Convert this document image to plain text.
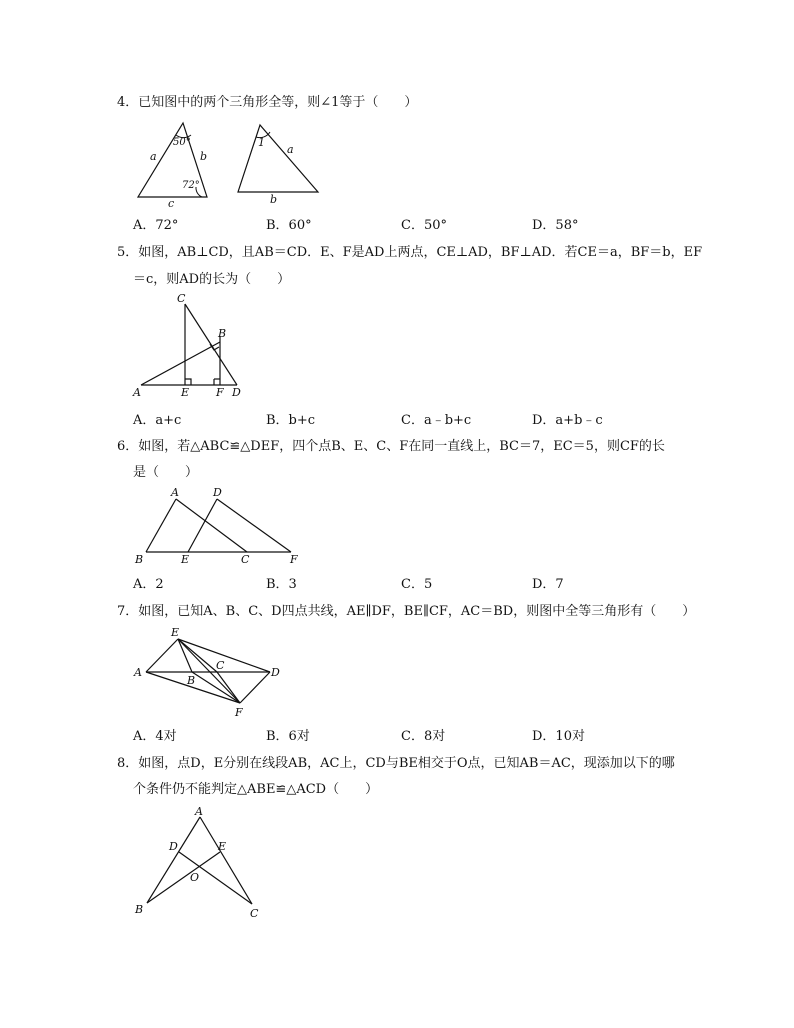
4．已知图中的两个三角形全等，则∠1等于（　　）
a	b
c
50°
72°
1
a
b
A．72°	B．60°	C．50°	D．58°
5．如图，AB⊥CD，且AB＝CD．E、F是AD上两点，CE⊥AD，BF⊥AD．若CE＝a，BF＝b，EF
＝c，则AD的长为（　　）
C
B
A	E F D
A．a+c	B．b+c	C．a﹣b+c	D．a+b﹣c
6．如图，若△ABC≌△DEF，四个点B、E、C、F在同一直线上，BC＝7，EC＝5，则CF的长
是（　　）
A	D
B	E	C	F
A．2	B．3	C．5	D．7
7．如图，已知A、B、C、D四点共线，AE∥DF，BE∥CF，AC＝BD，则图中全等三角形有（　　）
E
A
B
C
D
F
A．4对	B．6对	C．8对	D．10对
8．如图，点D，E分别在线段AB，AC上，CD与BE相交于O点，已知AB＝AC，现添加以下的哪
个条件仍不能判定△ABE≌△ACD（　　）
A
D	E
O
B	C
